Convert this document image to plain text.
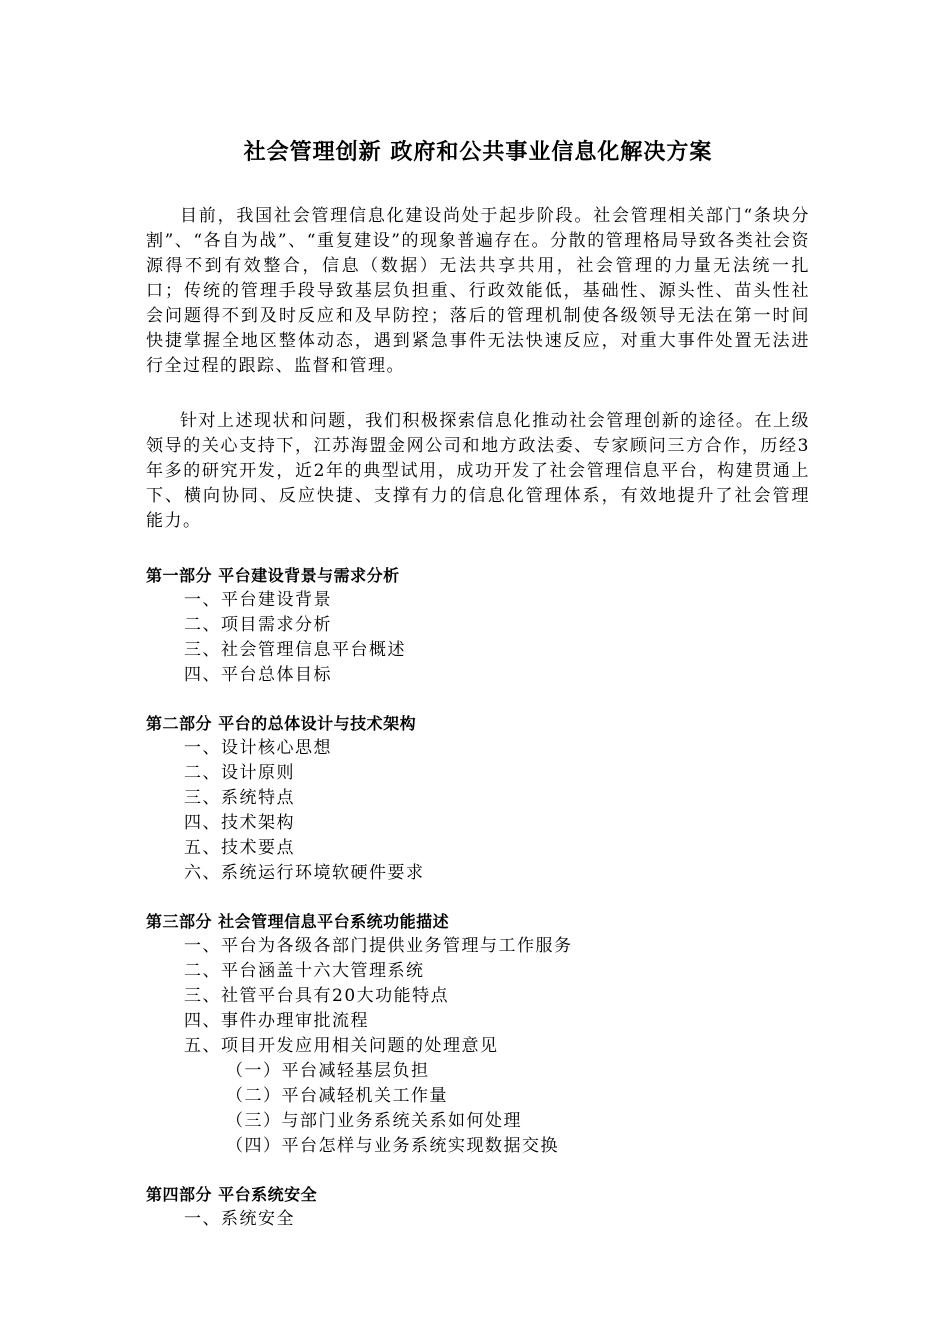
社会管理创新 政府和公共事业信息化解决方案

目前，我国社会管理信息化建设尚处于起步阶段。社会管理相关部门“条块分割”、“各自为战”、“重复建设”的现象普遍存在。分散的管理格局导致各类社会资源得不到有效整合，信息（数据）无法共享共用，社会管理的力量无法统一扎口；传统的管理手段导致基层负担重、行政效能低，基础性、源头性、苗头性社会问题得不到及时反应和及早防控；落后的管理机制使各级领导无法在第一时间快捷掌握全地区整体动态，遇到紧急事件无法快速反应，对重大事件处置无法进行全过程的跟踪、监督和管理。

针对上述现状和问题，我们积极探索信息化推动社会管理创新的途径。在上级领导的关心支持下，江苏海盟金网公司和地方政法委、专家顾问三方合作，历经3年多的研究开发，近2年的典型试用，成功开发了社会管理信息平台，构建贯通上下、横向协同、反应快捷、支撑有力的信息化管理体系，有效地提升了社会管理能力。

第一部分 平台建设背景与需求分析
一、平台建设背景
二、项目需求分析
三、社会管理信息平台概述
四、平台总体目标
第二部分 平台的总体设计与技术架构
一、设计核心思想
二、设计原则
三、系统特点
四、技术架构
五、技术要点
六、系统运行环境软硬件要求
第三部分 社会管理信息平台系统功能描述
一、平台为各级各部门提供业务管理与工作服务
二、平台涵盖十六大管理系统
三、社管平台具有20大功能特点
四、事件办理审批流程
五、项目开发应用相关问题的处理意见
（一）平台减轻基层负担
（二）平台减轻机关工作量
（三）与部门业务系统关系如何处理
（四）平台怎样与业务系统实现数据交换
第四部分 平台系统安全
一、系统安全
